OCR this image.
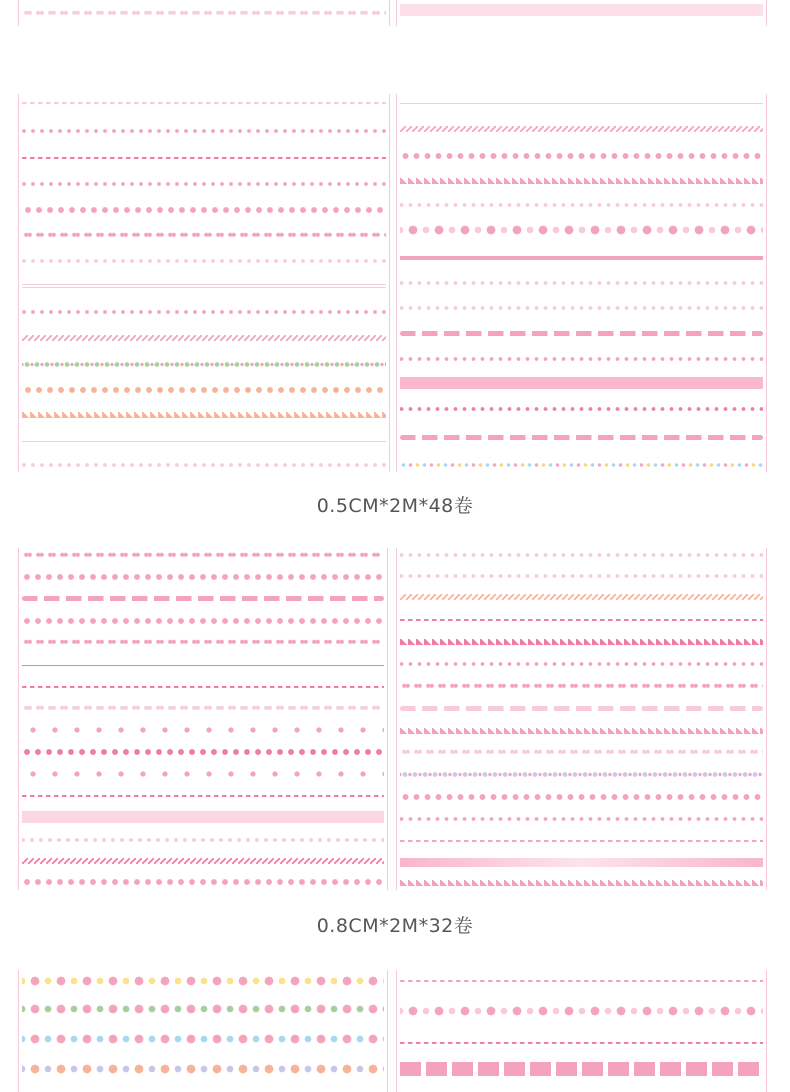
0.5CM*2M*48卷
0.8CM*2M*32卷
